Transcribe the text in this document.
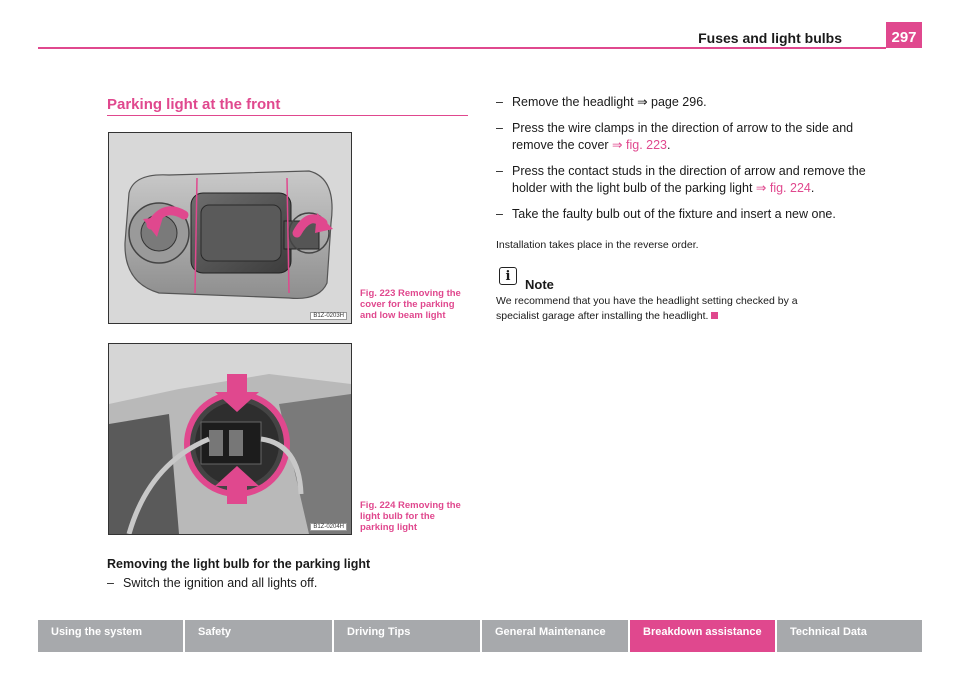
Fuses and light bulbs	297
Parking light at the front
B1Z-0203H
Fig. 223 Removing the cover for the parking and low beam light
B1Z-0204H
Fig. 224 Removing the light bulb for the parking light
Removing the light bulb for the parking light
– Switch the ignition and all lights off.
– Remove the headlight ⇒ page 296.
– Press the wire clamps in the direction of arrow to the side and remove the cover ⇒ fig. 223.
– Press the contact studs in the direction of arrow and remove the holder with the light bulb of the parking light ⇒ fig. 224.
– Take the faulty bulb out of the fixture and insert a new one.
Installation takes place in the reverse order.
i
Note
We recommend that you have the headlight setting checked by a specialist garage after installing the headlight.
Using the system	Safety	Driving Tips	General Maintenance	Breakdown assistance	Technical Data
